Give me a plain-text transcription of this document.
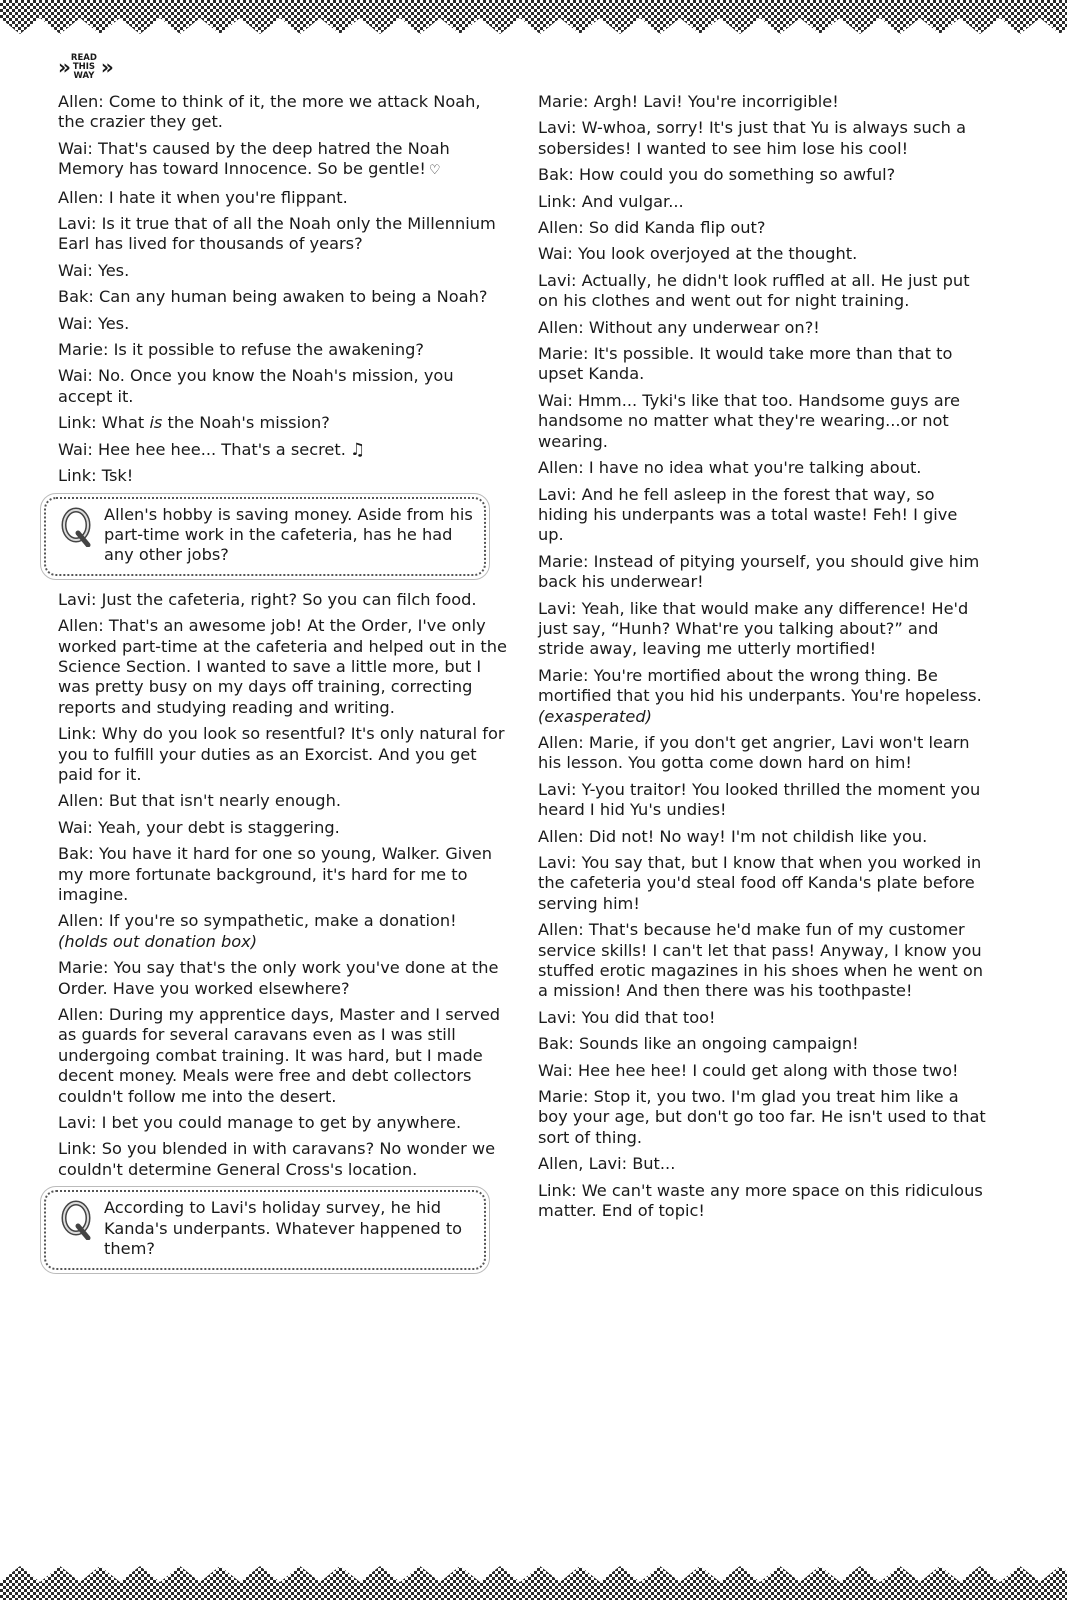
» READ
THIS
WAY »

Allen: Come to think of it, the more we attack Noah, the crazier they get.

Wai: That's caused by the deep hatred the Noah Memory has toward Innocence. So be gentle! ♡

Allen: I hate it when you're flippant.

Lavi: Is it true that of all the Noah only the Millennium Earl has lived for thousands of years?

Wai: Yes.

Bak: Can any human being awaken to being a Noah?

Wai: Yes.

Marie: Is it possible to refuse the awakening?

Wai: No. Once you know the Noah's mission, you accept it.

Link: What is the Noah's mission?

Wai: Hee hee hee... That's a secret. ♫

Link: Tsk!

Allen's hobby is saving money. Aside from his part-time work in the cafeteria, has he had any other jobs?

Lavi: Just the cafeteria, right? So you can filch food.

Allen: That's an awesome job! At the Order, I've only worked part-time at the cafeteria and helped out in the Science Section. I wanted to save a little more, but I was pretty busy on my days off training, correcting reports and studying reading and writing.

Link: Why do you look so resentful? It's only natural for you to fulfill your duties as an Exorcist. And you get paid for it.

Allen: But that isn't nearly enough.

Wai: Yeah, your debt is staggering.

Bak: You have it hard for one so young, Walker. Given my more fortunate background, it's hard for me to imagine.

Allen: If you're so sympathetic, make a donation! (holds out donation box)

Marie: You say that's the only work you've done at the Order. Have you worked elsewhere?

Allen: During my apprentice days, Master and I served as guards for several caravans even as I was still undergoing combat training. It was hard, but I made decent money. Meals were free and debt collectors couldn't follow me into the desert.

Lavi: I bet you could manage to get by anywhere.

Link: So you blended in with caravans? No wonder we couldn't determine General Cross's location.

According to Lavi's holiday survey, he hid Kanda's underpants. Whatever happened to them?

Marie: Argh! Lavi! You're incorrigible!

Lavi: W-whoa, sorry! It's just that Yu is always such a sobersides! I wanted to see him lose his cool!

Bak: How could you do something so awful?

Link: And vulgar...

Allen: So did Kanda flip out?

Wai: You look overjoyed at the thought.

Lavi: Actually, he didn't look ruffled at all. He just put on his clothes and went out for night training.

Allen: Without any underwear on?!

Marie: It's possible. It would take more than that to upset Kanda.

Wai: Hmm... Tyki's like that too. Handsome guys are handsome no matter what they're wearing...or not wearing.

Allen: I have no idea what you're talking about.

Lavi: And he fell asleep in the forest that way, so hiding his underpants was a total waste! Feh! I give up.

Marie: Instead of pitying yourself, you should give him back his underwear!

Lavi: Yeah, like that would make any difference! He'd just say, “Hunh? What're you talking about?” and stride away, leaving me utterly mortified!

Marie: You're mortified about the wrong thing. Be mortified that you hid his underpants. You're hopeless. (exasperated)

Allen: Marie, if you don't get angrier, Lavi won't learn his lesson. You gotta come down hard on him!

Lavi: Y-you traitor! You looked thrilled the moment you heard I hid Yu's undies!

Allen: Did not! No way! I'm not childish like you.

Lavi: You say that, but I know that when you worked in the cafeteria you'd steal food off Kanda's plate before serving him!

Allen: That's because he'd make fun of my customer service skills! I can't let that pass! Anyway, I know you stuffed erotic magazines in his shoes when he went on a mission! And then there was his toothpaste!

Lavi: You did that too!

Bak: Sounds like an ongoing campaign!

Wai: Hee hee hee! I could get along with those two!

Marie: Stop it, you two. I'm glad you treat him like a boy your age, but don't go too far. He isn't used to that sort of thing.

Allen, Lavi: But...

Link: We can't waste any more space on this ridiculous matter. End of topic!
